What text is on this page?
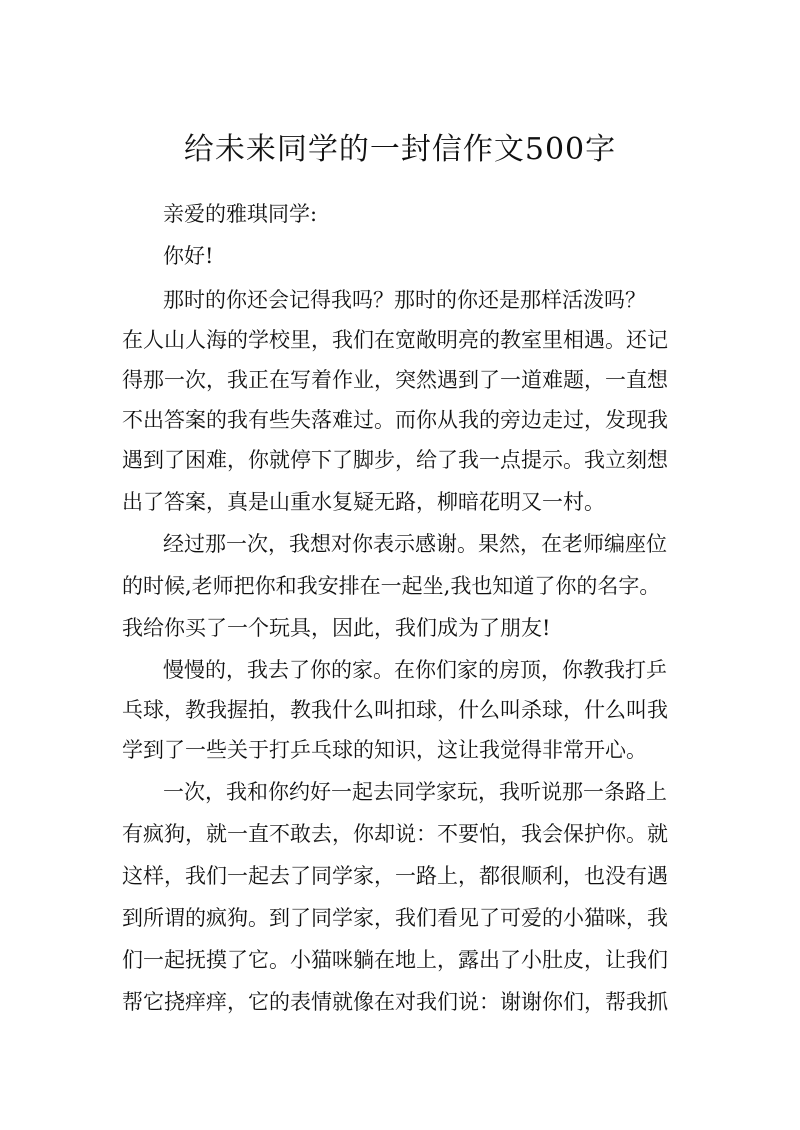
给未来同学的一封信作文500字
亲爱的雅琪同学:
你好!
那时的你还会记得我吗？那时的你还是那样活泼吗？
在人山人海的学校里，我们在宽敞明亮的教室里相遇。还记
得那一次，我正在写着作业，突然遇到了一道难题，一直想
不出答案的我有些失落难过。而你从我的旁边走过，发现我
遇到了困难，你就停下了脚步，给了我一点提示。我立刻想
出了答案，真是山重水复疑无路，柳暗花明又一村。
经过那一次，我想对你表示感谢。果然，在老师编座位
的时候,老师把你和我安排在一起坐,我也知道了你的名字。
我给你买了一个玩具，因此，我们成为了朋友!
慢慢的，我去了你的家。在你们家的房顶，你教我打乒
乓球，教我握拍，教我什么叫扣球，什么叫杀球，什么叫我
学到了一些关于打乒乓球的知识，这让我觉得非常开心。
一次，我和你约好一起去同学家玩，我听说那一条路上
有疯狗，就一直不敢去，你却说：不要怕，我会保护你。就
这样，我们一起去了同学家，一路上，都很顺利，也没有遇
到所谓的疯狗。到了同学家，我们看见了可爱的小猫咪，我
们一起抚摸了它。小猫咪躺在地上，露出了小肚皮，让我们
帮它挠痒痒，它的表情就像在对我们说：谢谢你们，帮我抓
